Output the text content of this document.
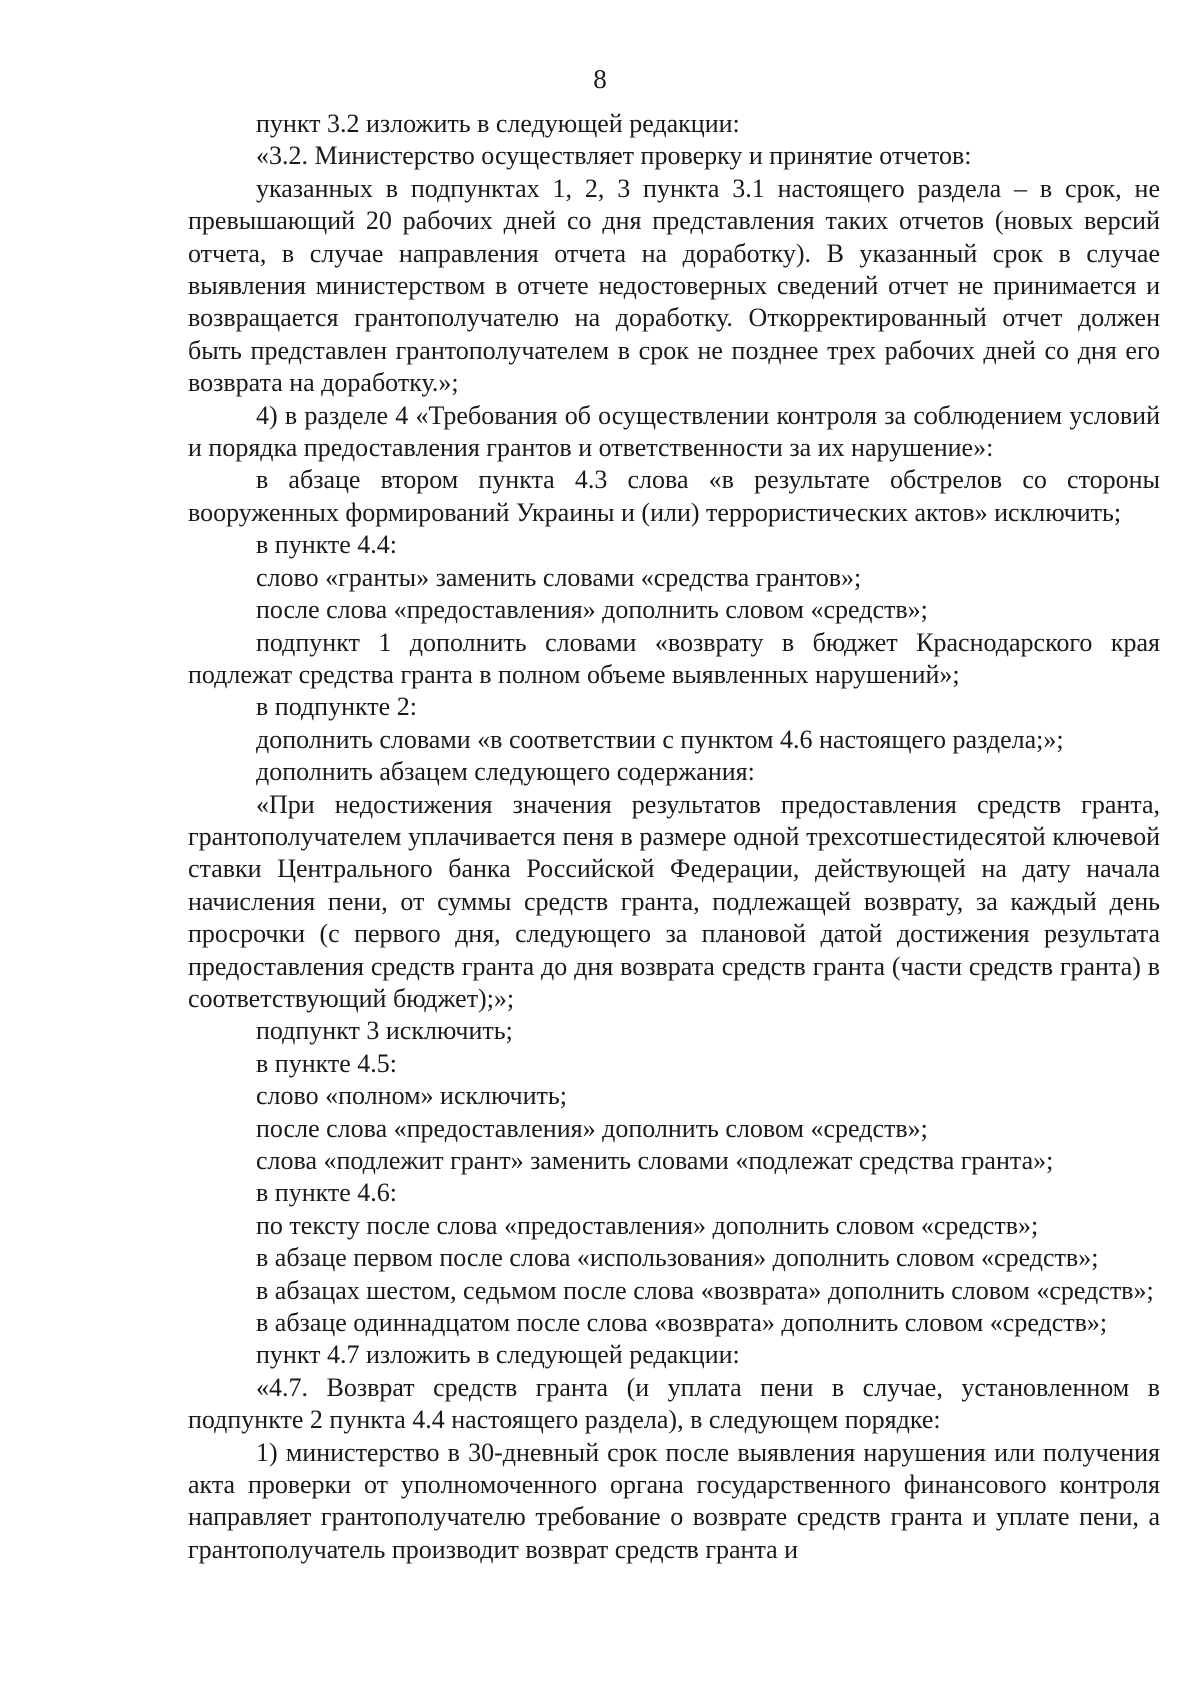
8

пункт 3.2 изложить в следующей редакции:

«3.2. Министерство осуществляет проверку и принятие отчетов:

указанных в подпунктах 1, 2, 3 пункта 3.1 настоящего раздела – в срок, не превышающий 20 рабочих дней со дня представления таких отчетов (новых версий отчета, в случае направления отчета на доработку). В указанный срок в случае выявления министерством в отчете недостоверных сведений отчет не принимается и возвращается грантополучателю на доработку. Откорректированный отчет должен быть представлен грантополучателем в срок не позднее трех рабочих дней со дня его возврата на доработку.»;

4) в разделе 4 «Требования об осуществлении контроля за соблюдением условий и порядка предоставления грантов и ответственности за их нарушение»:

в абзаце втором пункта 4.3 слова «в результате обстрелов со стороны вооруженных формирований Украины и (или) террористических актов» исключить;

в пункте 4.4:

слово «гранты» заменить словами «средства грантов»;

после слова «предоставления» дополнить словом «средств»;

подпункт 1 дополнить словами «возврату в бюджет Краснодарского края подлежат средства гранта в полном объеме выявленных нарушений»;

в подпункте 2:

дополнить словами «в соответствии с пунктом 4.6 настоящего раздела;»;

дополнить абзацем следующего содержания:

«При недостижения значения результатов предоставления средств гранта, грантополучателем уплачивается пеня в размере одной трехсотшестидесятой ключевой ставки Центрального банка Российской Федерации, действующей на дату начала начисления пени, от суммы средств гранта, подлежащей возврату, за каждый день просрочки (с первого дня, следующего за плановой датой достижения результата предоставления средств гранта до дня возврата средств гранта (части средств гранта) в соответствующий бюджет);»;

подпункт 3 исключить;

в пункте 4.5:

слово «полном» исключить;

после слова «предоставления» дополнить словом «средств»;

слова «подлежит грант» заменить словами «подлежат средства гранта»;

в пункте 4.6:

по тексту после слова «предоставления» дополнить словом «средств»;

в абзаце первом после слова «использования» дополнить словом «средств»;

в абзацах шестом, седьмом после слова «возврата» дополнить словом «средств»;

в абзаце одиннадцатом после слова «возврата» дополнить словом «средств»;

пункт 4.7 изложить в следующей редакции:

«4.7. Возврат средств гранта (и уплата пени в случае, установленном в подпункте 2 пункта 4.4 настоящего раздела), в следующем порядке:

1) министерство в 30-дневный срок после выявления нарушения или получения акта проверки от уполномоченного органа государственного финансового контроля направляет грантополучателю требование о возврате средств гранта и уплате пени, а грантополучатель производит возврат средств гранта и
